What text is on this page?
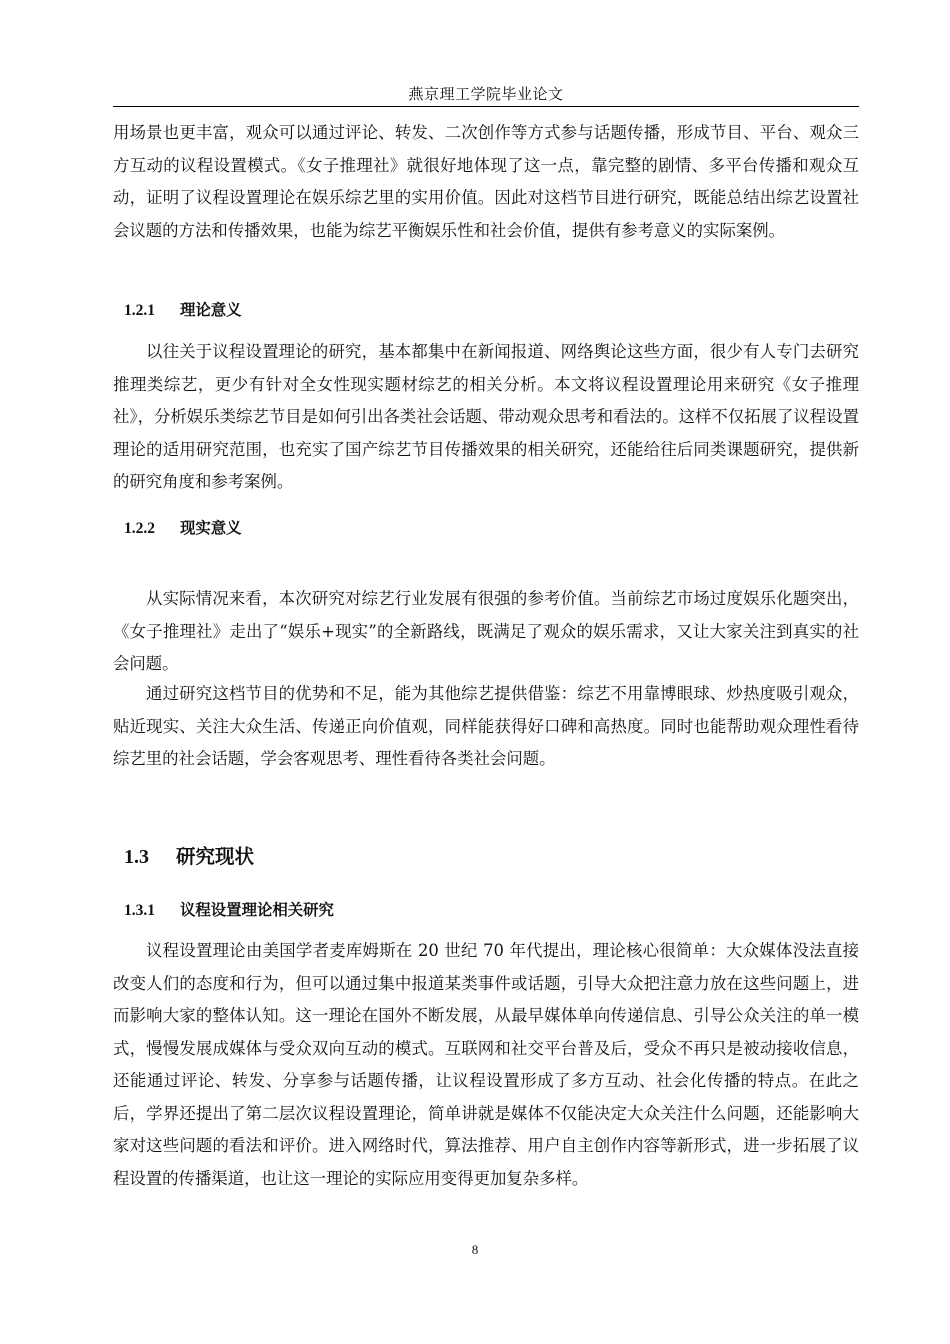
燕京理工学院毕业论文

用场景也更丰富，观众可以通过评论、转发、二次创作等方式参与话题传播，形成节目、平台、观众三方互动的议程设置模式。《女子推理社》就很好地体现了这一点，靠完整的剧情、多平台传播和观众互动，证明了议程设置理论在娱乐综艺里的实用价值。因此对这档节目进行研究，既能总结出综艺设置社会议题的方法和传播效果，也能为综艺平衡娱乐性和社会价值，提供有参考意义的实际案例。

1.2.1 理论意义

以往关于议程设置理论的研究，基本都集中在新闻报道、网络舆论这些方面，很少有人专门去研究推理类综艺，更少有针对全女性现实题材综艺的相关分析。本文将议程设置理论用来研究《女子推理社》，分析娱乐类综艺节目是如何引出各类社会话题、带动观众思考和看法的。这样不仅拓展了议程设置理论的适用研究范围，也充实了国产综艺节目传播效果的相关研究，还能给往后同类课题研究，提供新的研究角度和参考案例。

1.2.2 现实意义

从实际情况来看，本次研究对综艺行业发展有很强的参考价值。当前综艺市场过度娱乐化题突出，《女子推理社》走出了“娱乐+现实”的全新路线，既满足了观众的娱乐需求，又让大家关注到真实的社会问题。

通过研究这档节目的优势和不足，能为其他综艺提供借鉴：综艺不用靠博眼球、炒热度吸引观众，贴近现实、关注大众生活、传递正向价值观，同样能获得好口碑和高热度。同时也能帮助观众理性看待综艺里的社会话题，学会客观思考、理性看待各类社会问题。

1.3 研究现状
1.3.1 议程设置理论相关研究

议程设置理论由美国学者麦库姆斯在 20 世纪 70 年代提出，理论核心很简单：大众媒体没法直接改变人们的态度和行为，但可以通过集中报道某类事件或话题，引导大众把注意力放在这些问题上，进而影响大家的整体认知。这一理论在国外不断发展，从最早媒体单向传递信息、引导公众关注的单一模式，慢慢发展成媒体与受众双向互动的模式。互联网和社交平台普及后，受众不再只是被动接收信息，还能通过评论、转发、分享参与话题传播，让议程设置形成了多方互动、社会化传播的特点。在此之后，学界还提出了第二层次议程设置理论，简单讲就是媒体不仅能决定大众关注什么问题，还能影响大家对这些问题的看法和评价。进入网络时代，算法推荐、用户自主创作内容等新形式，进一步拓展了议程设置的传播渠道，也让这一理论的实际应用变得更加复杂多样。

8
